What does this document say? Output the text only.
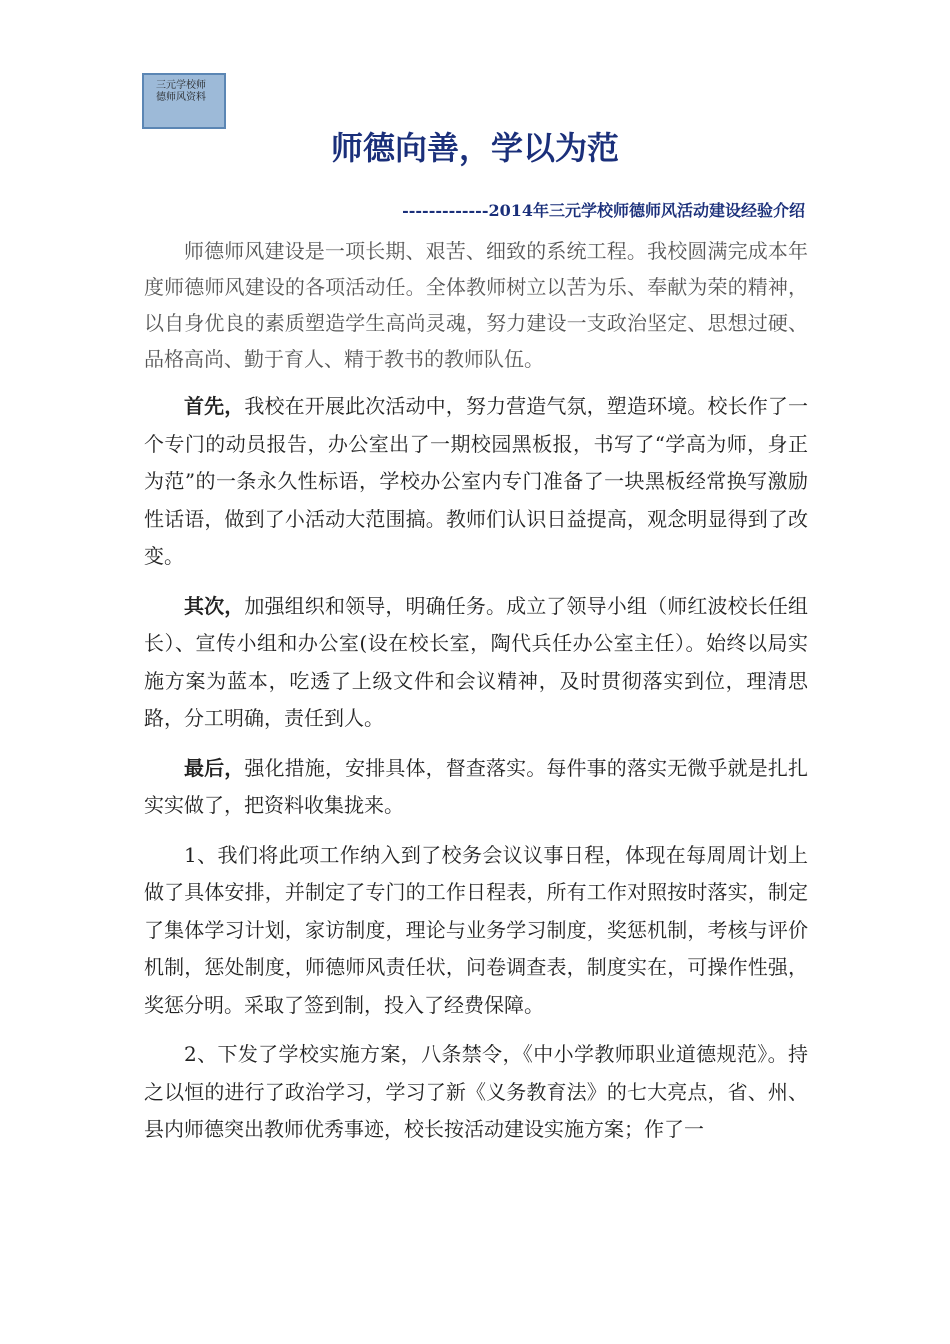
三元学校师
德师风资料
师德向善，学以为范
-------------2014年三元学校师德师风活动建设经验介绍

师德师风建设是一项长期、艰苦、细致的系统工程。我校圆满完成本年度师德师风建设的各项活动任。全体教师树立以苦为乐、奉献为荣的精神，以自身优良的素质塑造学生高尚灵魂，努力建设一支政治坚定、思想过硬、品格高尚、勤于育人、精于教书的教师队伍。

首先，我校在开展此次活动中，努力营造气氛，塑造环境。校长作了一个专门的动员报告，办公室出了一期校园黑板报，书写了“学高为师，身正为范”的一条永久性标语，学校办公室内专门准备了一块黑板经常换写激励性话语，做到了小活动大范围搞。教师们认识日益提高，观念明显得到了改变。

其次，加强组织和领导，明确任务。成立了领导小组（师红波校长任组长）、宣传小组和办公室(设在校长室，陶代兵任办公室主任）。始终以局实施方案为蓝本，吃透了上级文件和会议精神，及时贯彻落实到位，理清思路，分工明确，责任到人。

最后，强化措施，安排具体，督查落实。每件事的落实无微乎就是扎扎实实做了，把资料收集拢来。

1、我们将此项工作纳入到了校务会议议事日程，体现在每周周计划上做了具体安排，并制定了专门的工作日程表，所有工作对照按时落实，制定了集体学习计划，家访制度，理论与业务学习制度，奖惩机制，考核与评价机制，惩处制度，师德师风责任状，问卷调查表，制度实在，可操作性强，奖惩分明。采取了签到制，投入了经费保障。

2、下发了学校实施方案，八条禁令，《中小学教师职业道德规范》。持之以恒的进行了政治学习，学习了新《义务教育法》的七大亮点，省、州、县内师德突出教师优秀事迹，校长按活动建设实施方案；作了一
